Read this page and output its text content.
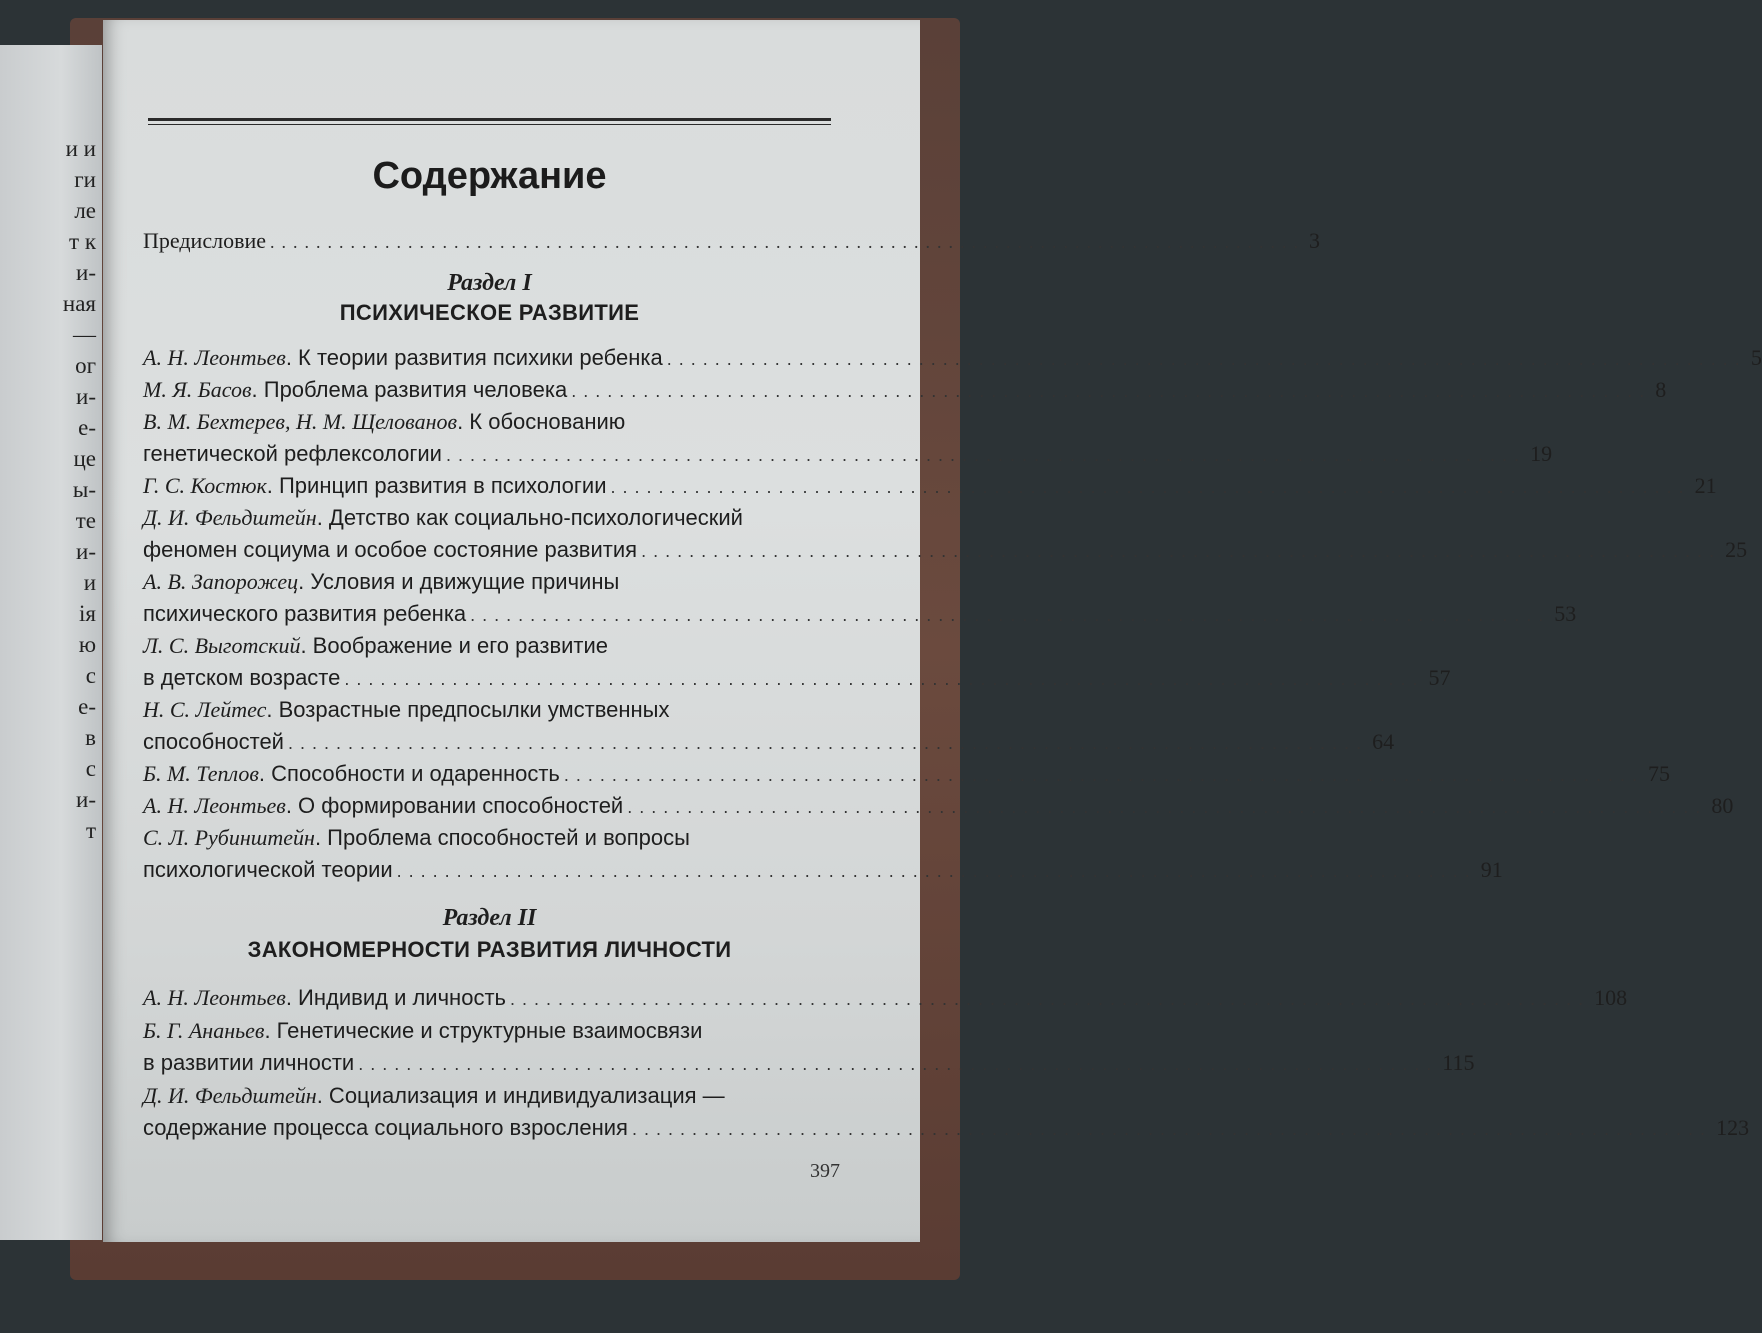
и и
ги
ле
т к
и-
ная
—
ог
и-
е-
це
ы-
те
и-
и
ія
ю
с
е-
в
с
и-
т
Содержание
Предисловие .......................................................................................... 3
Раздел I
ПСИХИЧЕСКОЕ РАЗВИТИЕ
А. Н. Леонтьев. К теории развития психики ребенка .......................................................................................... 5
М. Я. Басов. Проблема развития человека .......................................................................................... 8
В. М. Бехтерев, Н. М. Щелованов. К обоснованию
генетической рефлексологии .......................................................................................... 19
Г. С. Костюк. Принцип развития в психологии .......................................................................................... 21
Д. И. Фельдштейн. Детство как социально-психологический
феномен социума и особое состояние развития .......................................................................................... 25
А. В. Запорожец. Условия и движущие причины
психического развития ребенка .......................................................................................... 53
Л. С. Выготский. Воображение и его развитие
в детском возрасте .......................................................................................... 57
Н. С. Лейтес. Возрастные предпосылки умственных
способностей .......................................................................................... 64
Б. М. Теплов. Способности и одаренность .......................................................................................... 75
А. Н. Леонтьев. О формировании способностей .......................................................................................... 80
С. Л. Рубинштейн. Проблема способностей и вопросы
психологической теории .......................................................................................... 91
Раздел II
ЗАКОНОМЕРНОСТИ РАЗВИТИЯ ЛИЧНОСТИ
А. Н. Леонтьев. Индивид и личность .......................................................................................... 108
Б. Г. Ананьев. Генетические и структурные взаимосвязи
в развитии личности .......................................................................................... 115
Д. И. Фельдштейн. Социализация и индивидуализация —
содержание процесса социального взросления .......................................................................................... 123
397
